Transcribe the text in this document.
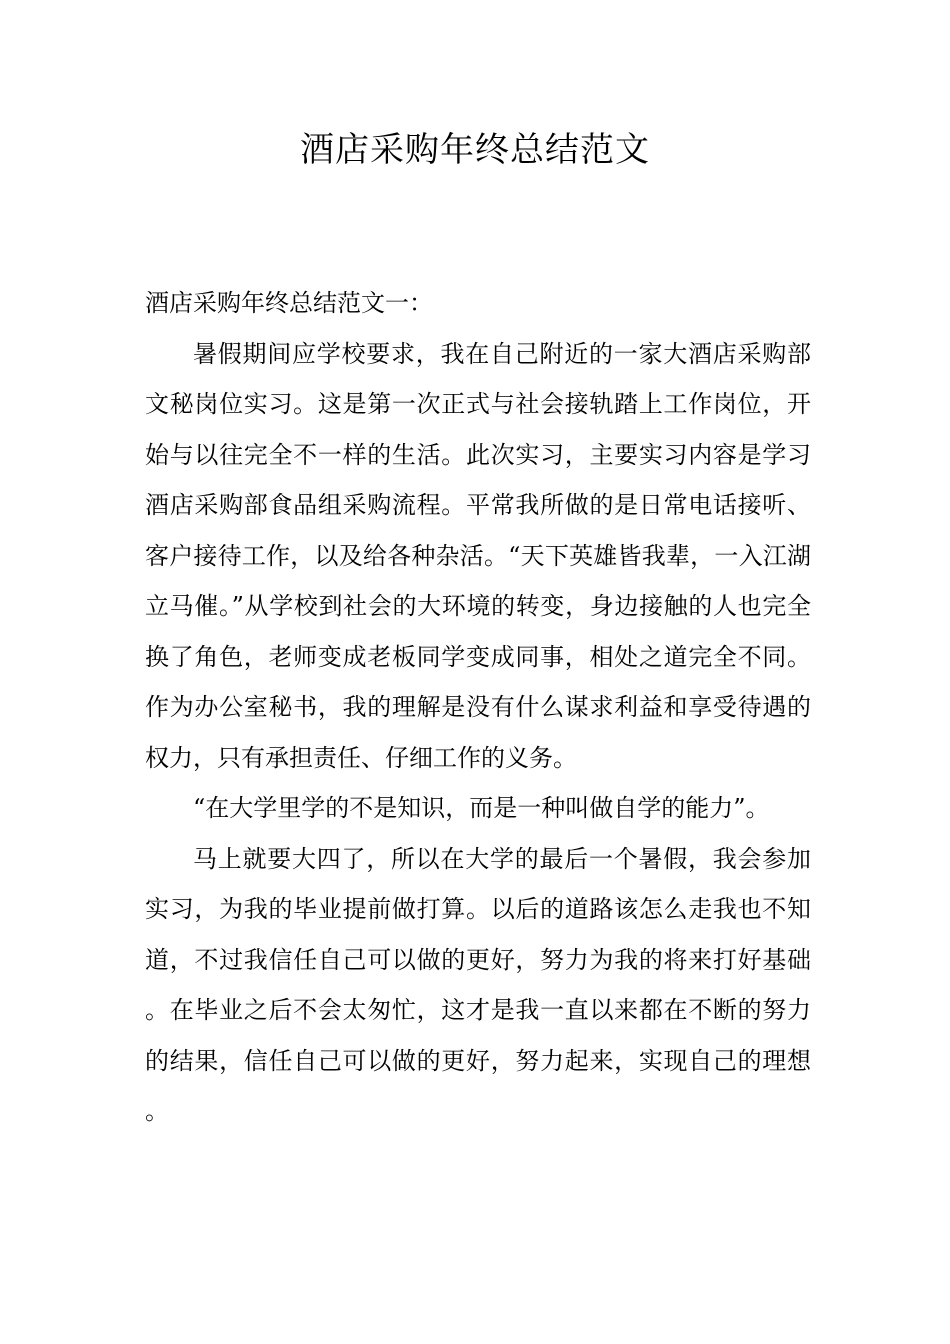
酒店采购年终总结范文

酒店采购年终总结范文一：

暑假期间应学校要求，我在自己附近的一家大酒店采购部文秘岗位实习。这是第一次正式与社会接轨踏上工作岗位，开始与以往完全不一样的生活。此次实习，主要实习内容是学习酒店采购部食品组采购流程。平常我所做的是日常电话接听、客户接待工作，以及给各种杂活。“天下英雄皆我辈，一入江湖立马催。”从学校到社会的大环境的转变，身边接触的人也完全换了角色，老师变成老板同学变成同事，相处之道完全不同。作为办公室秘书，我的理解是没有什么谋求利益和享受待遇的权力，只有承担责任、仔细工作的义务。

“在大学里学的不是知识，而是一种叫做自学的能力”。

马上就要大四了，所以在大学的最后一个暑假，我会参加实习，为我的毕业提前做打算。以后的道路该怎么走我也不知道，不过我信任自己可以做的更好，努力为我的将来打好基础。在毕业之后不会太匆忙，这才是我一直以来都在不断的努力的结果，信任自己可以做的更好，努力起来，实现自己的理想。
